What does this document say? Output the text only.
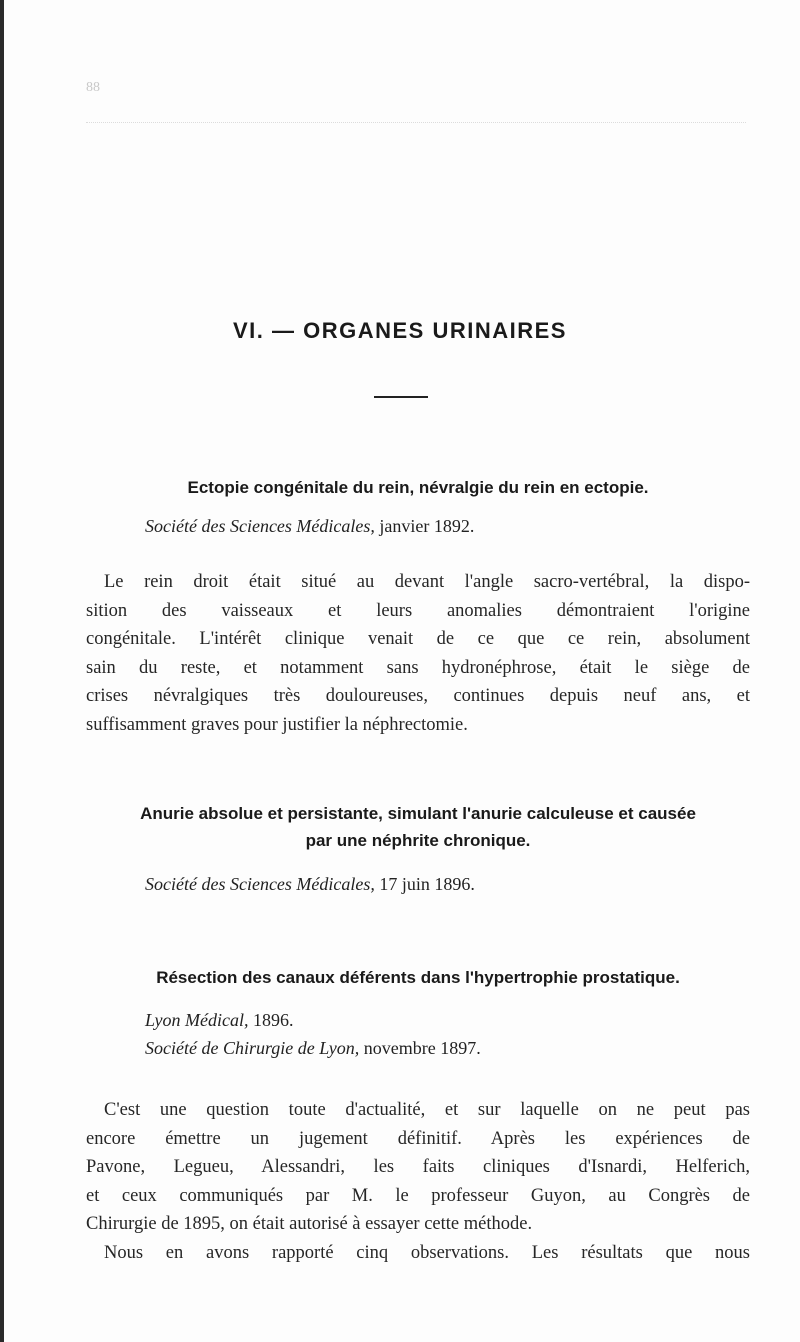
88
VI. — ORGANES URINAIRES
Ectopie congénitale du rein, névralgie du rein en ectopie.
Société des Sciences Médicales, janvier 1892.
Le rein droit était situé au devant l'angle sacro-vertébral, la dispo-
sition des vaisseaux et leurs anomalies démontraient l'origine
congénitale. L'intérêt clinique venait de ce que ce rein, absolument
sain du reste, et notamment sans hydronéphrose, était le siège de
crises névralgiques très douloureuses, continues depuis neuf ans, et
suffisamment graves pour justifier la néphrectomie.
Anurie absolue et persistante, simulant l'anurie calculeuse et causée
par une néphrite chronique.
Société des Sciences Médicales, 17 juin 1896.
Résection des canaux déférents dans l'hypertrophie prostatique.
Lyon Médical, 1896.
Société de Chirurgie de Lyon, novembre 1897.
C'est une question toute d'actualité, et sur laquelle on ne peut pas
encore émettre un jugement définitif. Après les expériences de
Pavone, Legueu, Alessandri, les faits cliniques d'Isnardi, Helferich,
et ceux communiqués par M. le professeur Guyon, au Congrès de
Chirurgie de 1895, on était autorisé à essayer cette méthode.
Nous en avons rapporté cinq observations. Les résultats que nous
